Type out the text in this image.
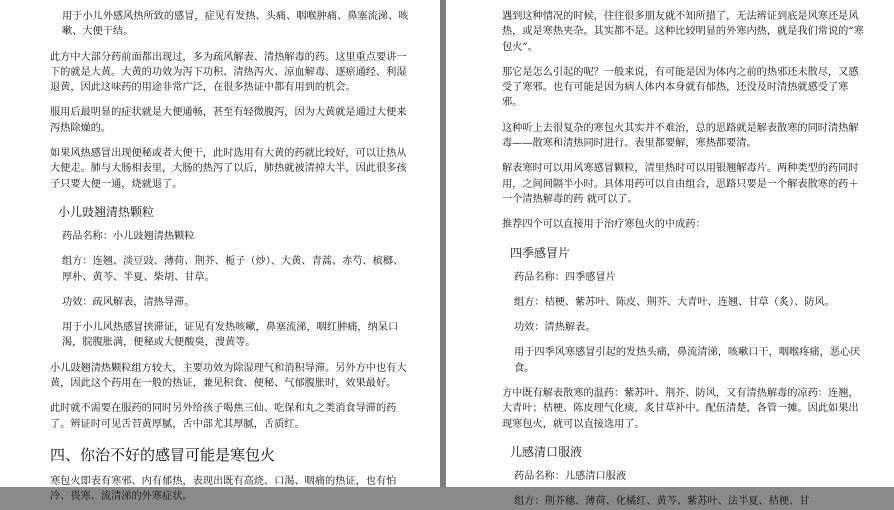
用于小儿外感风热所致的感冒，症见有发热、头痛、咽喉肿痛、鼻塞流涕、咳嗽、大便干结。

此方中大部分药前面都出现过，多为疏风解表、清热解毒的药。这里重点要讲一下的就是大黄。大黄的功效为泻下功积、清热泻火、凉血解毒、逐瘀通经、利湿退黄，因此这味药的用途非常广泛，在很多热证中都有用到的机会。

服用后最明显的症状就是大便通畅，甚至有轻微腹泻，因为大黄就是通过大便来泻热除燥的。

如果风热感冒出现便秘或者大便干，此时选用有大黄的药就比较好，可以让热从大便走。肺与大肠相表里，大肠的热泻了以后，肺热就被清掉大半，因此很多孩子只要大便一通，烧就退了。

小儿豉翘清热颗粒

药品名称：小儿豉翘清热颗粒

组方：连翘、淡豆豉、薄荷、荆芥、栀子（炒）、大黄、青蒿、赤芍、槟榔、厚朴、黄芩、半夏、柴胡、甘草。

功效：疏风解表，清热导滞。

用于小儿风热感冒挟滞证，证见有发热咳嗽，鼻塞流涕，咽红肿痛，纳呆口渴，脘腹胀满，便秘或大便酸臭，溲黄等。

小儿豉翘清热颗粒组方较大，主要功效为除湿理气和消积导滞。另外方中也有大黄，因此这个药用在一般的热证，兼见积食、便秘、气郁腹胀时，效果最好。

此时就不需要在服药的同时另外给孩子喝焦三仙、吃保和丸之类消食导滞的药了。辨证时可见舌苔黄厚腻，舌中部尤其厚腻，舌质红。

四、你治不好的感冒可能是寒包火

寒包火即表有寒邪、内有郁热，表现出既有高烧、口渴、咽痛的热证，也有怕冷、畏寒、流清涕的外寒症状。

遇到这种情况的时候，往往很多朋友就不知所措了，无法辨证到底是风寒还是风热，或是寒热夹杂。其实都不是。这种比较明显的外寒内热，就是我们常说的“寒包火”。

那它是怎么引起的呢？一般来说，有可能是因为体内之前的热邪还未散尽，又感受了寒邪。也有可能是因为病人体内本身就有郁热，还没及时清热就感受了寒邪。

这种听上去很复杂的寒包火其实并不难治，总的思路就是解表散寒的同时清热解毒——散寒和清热同时进行。表里都要解，寒热都要清。

解表寒时可以用风寒感冒颗粒，清里热时可以用银翘解毒片。两种类型的药同时用，之间间隔半小时。具体用药可以自由组合，思路只要是一个解表散寒的药＋一个清热解毒的药 就可以了。

推荐四个可以直接用于治疗寒包火的中成药：

四季感冒片

药品名称：四季感冒片

组方：桔梗、紫苏叶、陈皮、荆芥、大青叶、连翘、甘草（炙）、防风。

功效：清热解表。

用于四季风寒感冒引起的发热头痛，鼻流清涕，咳嗽口干，咽喉疼痛，恶心厌食。

方中既有解表散寒的温药：紫苏叶、荆芥、防风，又有清热解毒的凉药：连翘，大青叶；桔梗、陈皮理气化痰，炙甘草补中。配伍清楚，各管一摊。因此如果出现寒包火，就可以直接选用了。

儿感清口服液

药品名称：儿感清口服液

组方：荆芥穗、薄荷、化橘红、黄芩、紫苏叶、法半夏、桔梗、甘
